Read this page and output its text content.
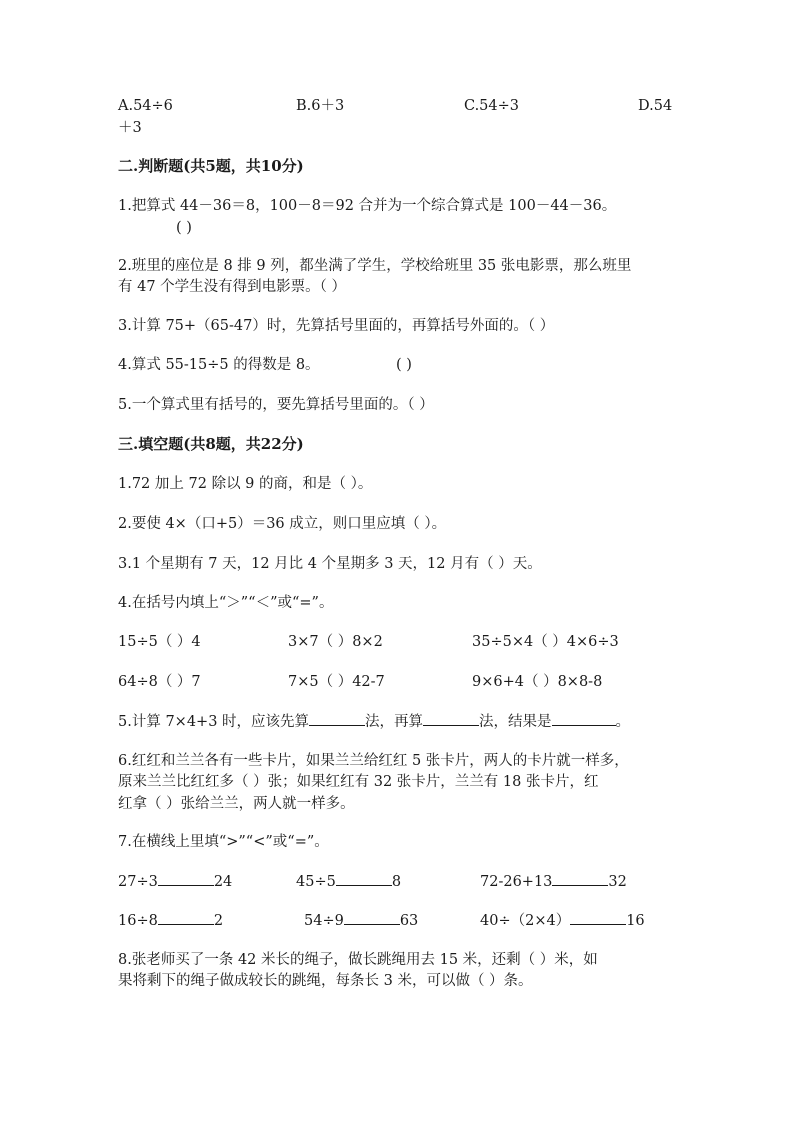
A.54÷6	B.6＋3	C.54÷3	D.54
＋3
二.判断题(共5题，共10分)
1.把算式 44－36＝8，100－8＝92 合并为一个综合算式是 100－44－36。
( )
2.班里的座位是 8 排 9 列，都坐满了学生，学校给班里 35 张电影票，那么班里
有 47 个学生没有得到电影票。（ ）
3.计算 75+（65-47）时，先算括号里面的，再算括号外面的。（ ）
4.算式 55-15÷5 的得数是 8。	( )
5.一个算式里有括号的，要先算括号里面的。（ ）
三.填空题(共8题，共22分)
1.72 加上 72 除以 9 的商，和是（ ）。
2.要使 4×（口+5）＝36 成立，则口里应填（ ）。
3.1 个星期有 7 天，12 月比 4 个星期多 3 天，12 月有（ ）天。
4.在括号内填上“＞”“＜”或“=”。
15÷5（ ）4	3×7（ ）8×2	35÷5×4（ ）4×6÷3
64÷8（ ）7	7×5（ ）42-7	9×6+4（ ）8×8-8
5.计算 7×4+3 时，应该先算	法，再算	法，结果是	。
6.红红和兰兰各有一些卡片，如果兰兰给红红 5 张卡片，两人的卡片就一样多，
原来兰兰比红红多（ ）张；如果红红有 32 张卡片，兰兰有 18 张卡片，红
红拿（ ）张给兰兰，两人就一样多。
7.在横线上里填“>”“<”或“=”。
27÷3	24	45÷5	8	72-26+13	32
16÷8	2	54÷9	63	40÷（2×4）	16
8.张老师买了一条 42 米长的绳子，做长跳绳用去 15 米，还剩（ ）米，如
果将剩下的绳子做成较长的跳绳，每条长 3 米，可以做（ ）条。
